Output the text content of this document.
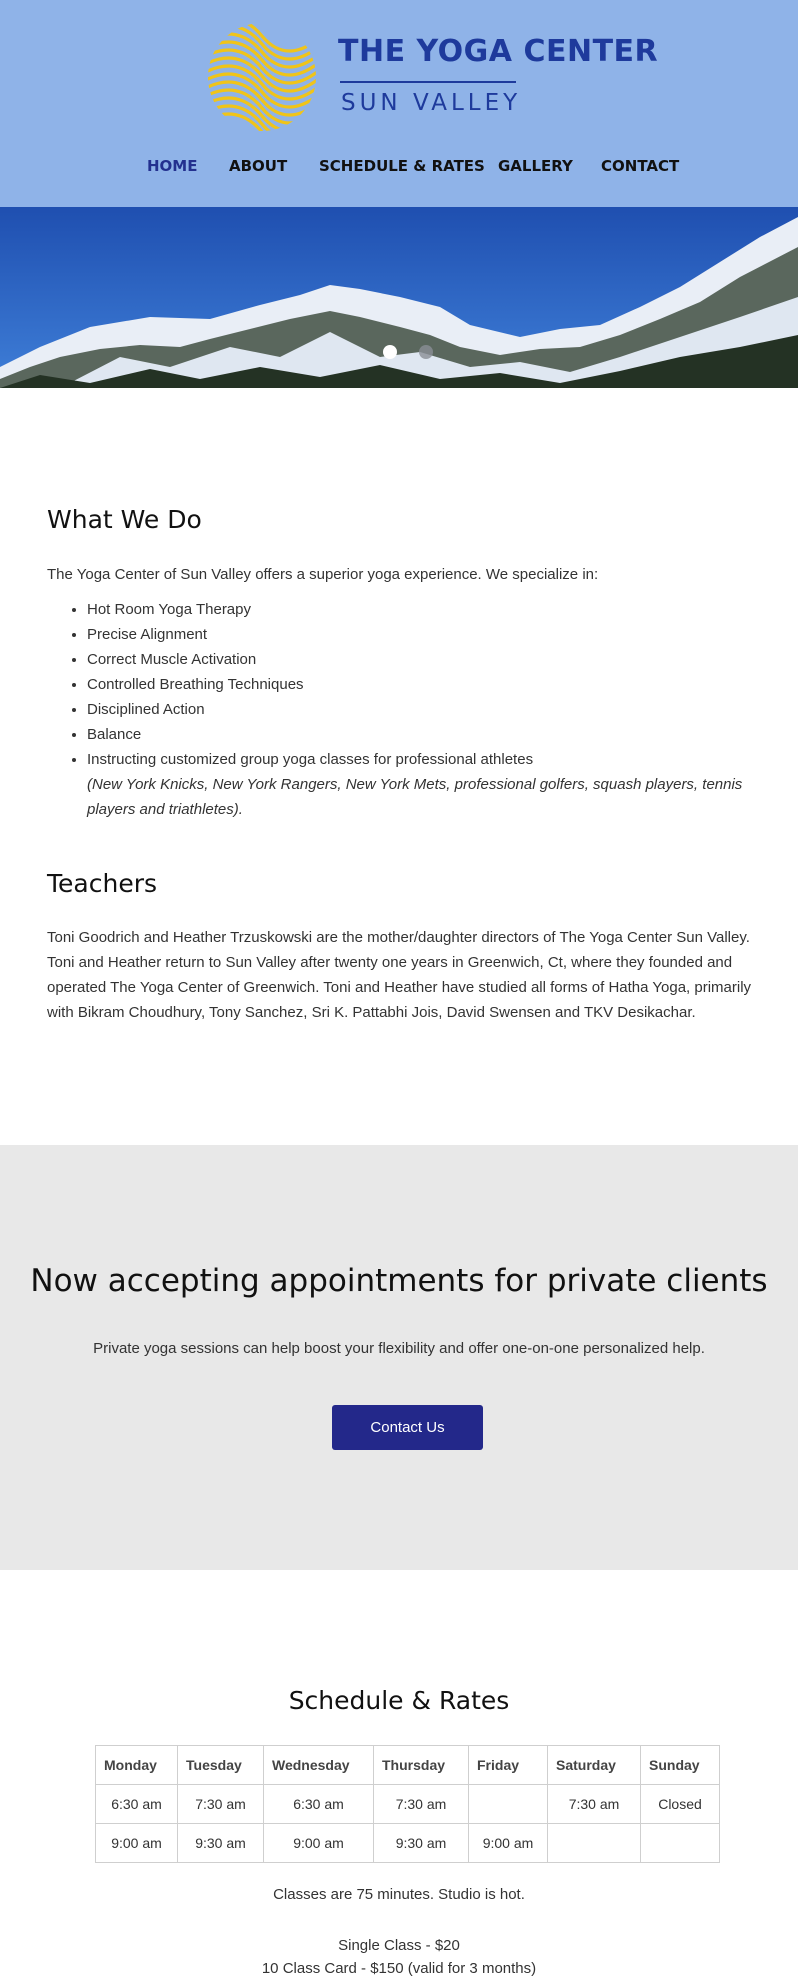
THE YOGA CENTER
SUN VALLEY
HOME ABOUT SCHEDULE & RATES GALLERY CONTACT
What We Do

The Yoga Center of Sun Valley offers a superior yoga experience. We specialize in:

• Hot Room Yoga Therapy
• Precise Alignment
• Correct Muscle Activation
• Controlled Breathing Techniques
• Disciplined Action
• Balance
• Instructing customized group yoga classes for professional athletes
(New York Knicks, New York Rangers, New York Mets, professional golfers, squash players, tennis players and triathletes).
Teachers

Toni Goodrich and Heather Trzuskowski are the mother/daughter directors of The Yoga Center Sun Valley. Toni and Heather return to Sun Valley after twenty one years in Greenwich, Ct, where they founded and operated The Yoga Center of Greenwich. Toni and Heather have studied all forms of Hatha Yoga, primarily with Bikram Choudhury, Tony Sanchez, Sri K. Pattabhi Jois, David Swensen and TKV Desikachar.

Now accepting appointments for private clients
Private yoga sessions can help boost your flexibility and offer one-on-one personalized help.
Contact Us
Schedule & Rates
Monday	Tuesday	Wednesday	Thursday	Friday	Saturday	Sunday
6:30 am	7:30 am	6:30 am	7:30 am		7:30 am	Closed
9:00 am	9:30 am	9:00 am	9:30 am	9:00 am		
Classes are 75 minutes. Studio is hot.
Single Class - $20
10 Class Card - $150 (valid for 3 months)
